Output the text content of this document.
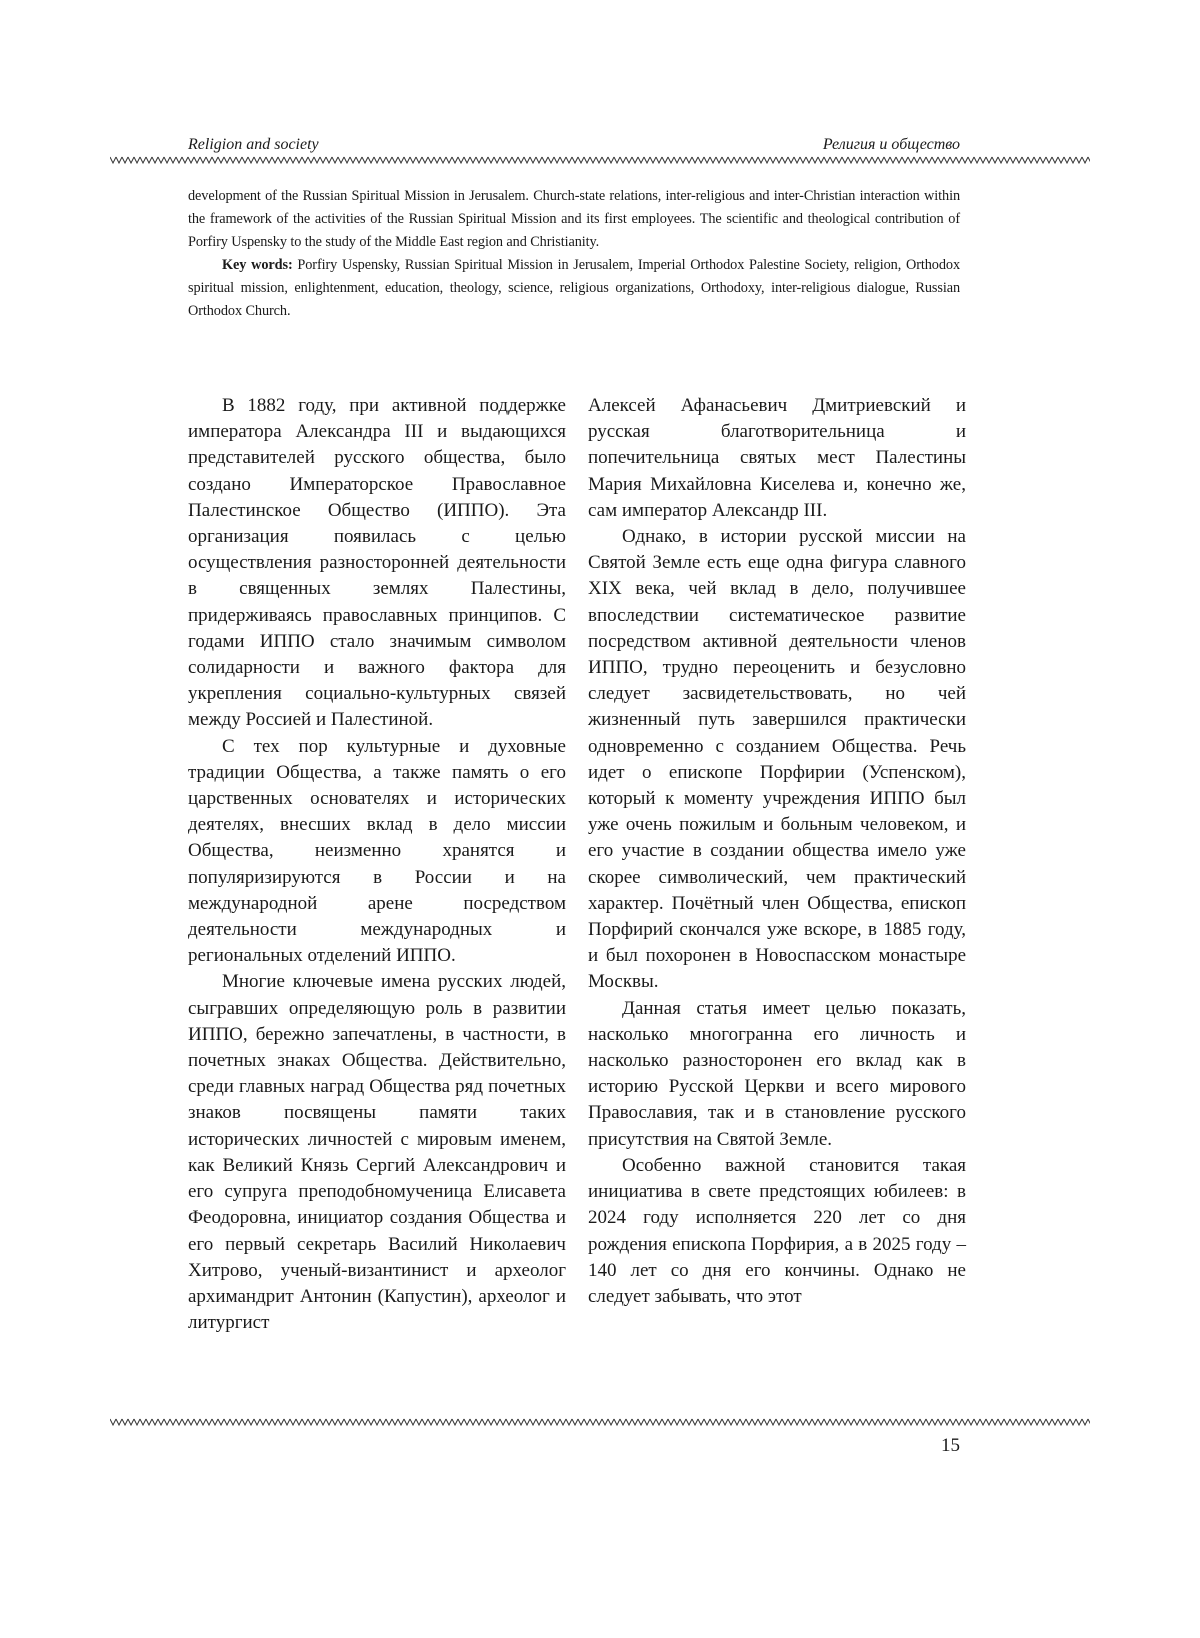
Religion and society	Религия и общество

development of the Russian Spiritual Mission in Jerusalem. Church-state relations, inter-religious and inter-Christian interaction within the framework of the activities of the Russian Spiritual Mission and its first employees. The scientific and theological contribution of Porfiry Uspensky to the study of the Middle East region and Christianity.

Key words: Porfiry Uspensky, Russian Spiritual Mission in Jerusalem, Imperial Orthodox Palestine Society, religion, Orthodox spiritual mission, enlightenment, education, theology, science, religious organizations, Orthodoxy, inter-religious dialogue, Russian Orthodox Church.

В 1882 году, при активной поддержке императора Александра III и выдающихся представителей русского общества, было создано Императорское Православное Палестинское Общество (ИППО). Эта организация появилась с целью осуществления разносторонней деятельности в священных землях Палестины, придерживаясь православных принципов. С годами ИППО стало значимым символом солидарности и важного фактора для укрепления социально-культурных связей между Россией и Палестиной.

С тех пор культурные и духовные традиции Общества, а также память о его царственных основателях и исторических деятелях, внесших вклад в дело миссии Общества, неизменно хранятся и популяризируются в России и на международной арене посредством деятельности международных и региональных отделений ИППО.

Многие ключевые имена русских людей, сыгравших определяющую роль в развитии ИППО, бережно запечатлены, в частности, в почетных знаках Общества. Действительно, среди главных наград Общества ряд почетных знаков посвящены памяти таких исторических личностей с мировым именем, как Великий Князь Сергий Александрович и его супруга преподобномученица Елисавета Феодоровна, инициатор создания Общества и его первый секретарь Василий Николаевич Хитрово, ученый-византинист и археолог архимандрит Антонин (Капустин), археолог и литургист

Алексей Афанасьевич Дмитриевский и русская благотворительница и попечительница святых мест Палестины Мария Михайловна Киселева и, конечно же, сам император Александр III.

Однако, в истории русской миссии на Святой Земле есть еще одна фигура славного XIX века, чей вклад в дело, получившее впоследствии систематическое развитие посредством активной деятельности членов ИППО, трудно переоценить и безусловно следует засвидетельствовать, но чей жизненный путь завершился практически одновременно с созданием Общества. Речь идет о епископе Порфирии (Успенском), который к моменту учреждения ИППО был уже очень пожилым и больным человеком, и его участие в создании общества имело уже скорее символический, чем практический характер. Почётный член Общества, епископ Порфирий скончался уже вскоре, в 1885 году, и был похоронен в Новоспасском монастыре Москвы.

Данная статья имеет целью показать, насколько многогранна его личность и насколько разносторонен его вклад как в историю Русской Церкви и всего мирового Православия, так и в становление русского присутствия на Святой Земле.

Особенно важной становится такая инициатива в свете предстоящих юбилеев: в 2024 году исполняется 220 лет со дня рождения епископа Порфирия, а в 2025 году – 140 лет со дня его кончины. Однако не следует забывать, что этот

15
